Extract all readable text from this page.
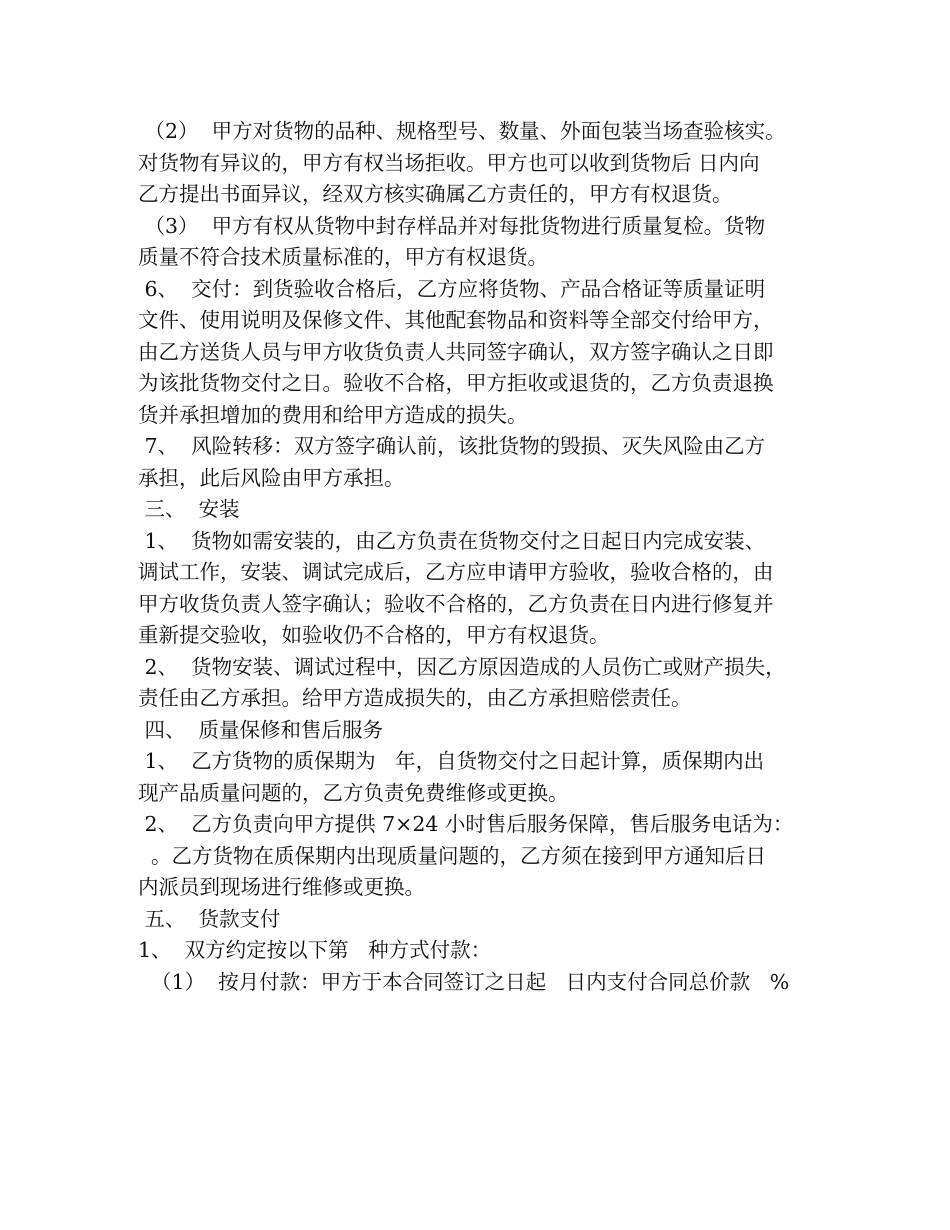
（2）  甲方对货物的品种、规格型号、数量、外面包装当场查验核实。
对货物有异议的，甲方有权当场拒收。甲方也可以收到货物后 日内向
乙方提出书面异议，经双方核实确属乙方责任的，甲方有权退货。
（3）  甲方有权从货物中封存样品并对每批货物进行质量复检。货物
质量不符合技术质量标准的，甲方有权退货。
6、  交付：到货验收合格后，乙方应将货物、产品合格证等质量证明
文件、使用说明及保修文件、其他配套物品和资料等全部交付给甲方，
由乙方送货人员与甲方收货负责人共同签字确认，双方签字确认之日即
为该批货物交付之日。验收不合格，甲方拒收或退货的，乙方负责退换
货并承担增加的费用和给甲方造成的损失。
7、  风险转移：双方签字确认前，该批货物的毁损、灭失风险由乙方
承担，此后风险由甲方承担。
三、  安装
1、  货物如需安装的，由乙方负责在货物交付之日起日内完成安装、
调试工作，安装、调试完成后，乙方应申请甲方验收，验收合格的，由
甲方收货负责人签字确认；验收不合格的，乙方负责在日内进行修复并
重新提交验收，如验收仍不合格的，甲方有权退货。
2、  货物安装、调试过程中，因乙方原因造成的人员伤亡或财产损失，
责任由乙方承担。给甲方造成损失的，由乙方承担赔偿责任。
四、  质量保修和售后服务
1、  乙方货物的质保期为   年，自货物交付之日起计算，质保期内出
现产品质量问题的，乙方负责免费维修或更换。
2、  乙方负责向甲方提供 7×24 小时售后服务保障，售后服务电话为：
。乙方货物在质保期内出现质量问题的，乙方须在接到甲方通知后日
内派员到现场进行维修或更换。
五、  货款支付
1、  双方约定按以下第   种方式付款：
（1）  按月付款：甲方于本合同签订之日起   日内支付合同总价款   %
